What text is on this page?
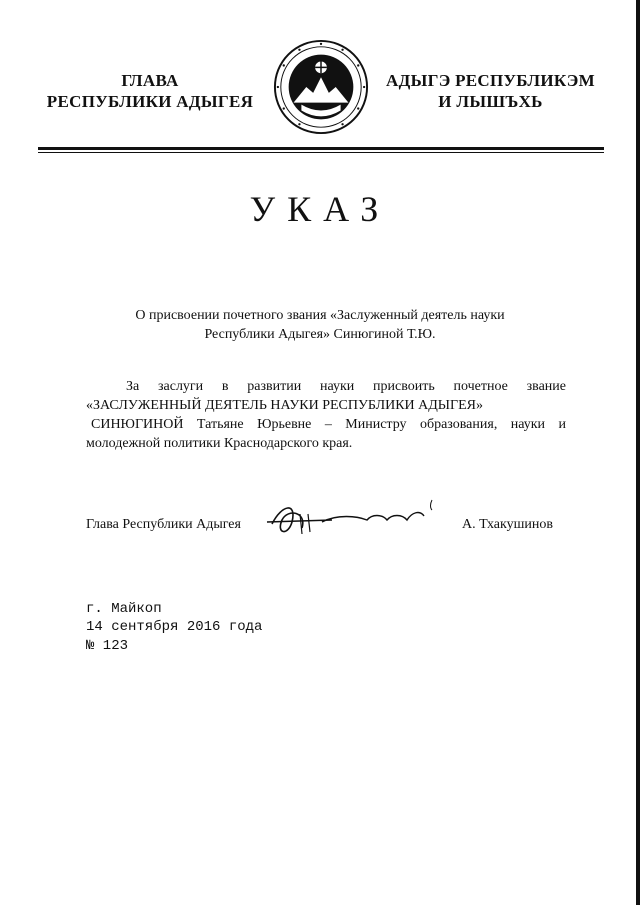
ГЛАВА
РЕСПУБЛИКИ АДЫГЕЯ
АДЫГЭ РЕСПУБЛИКЭМ
И ЛЫШЪХЬ
УКАЗ
О присвоении почетного звания «Заслуженный деятель науки
Республики Адыгея» Синюгиной Т.Ю.
За заслуги в развитии науки присвоить почетное звание
«ЗАСЛУЖЕННЫЙ ДЕЯТЕЛЬ НАУКИ РЕСПУБЛИКИ АДЫГЕЯ»
СИНЮГИНОЙ Татьяне Юрьевне – Министру образования, науки и
молодежной политики Краснодарского края.
Глава Республики Адыгея	А. Тхакушинов
г. Майкоп
14 сентября 2016 года
№ 123
